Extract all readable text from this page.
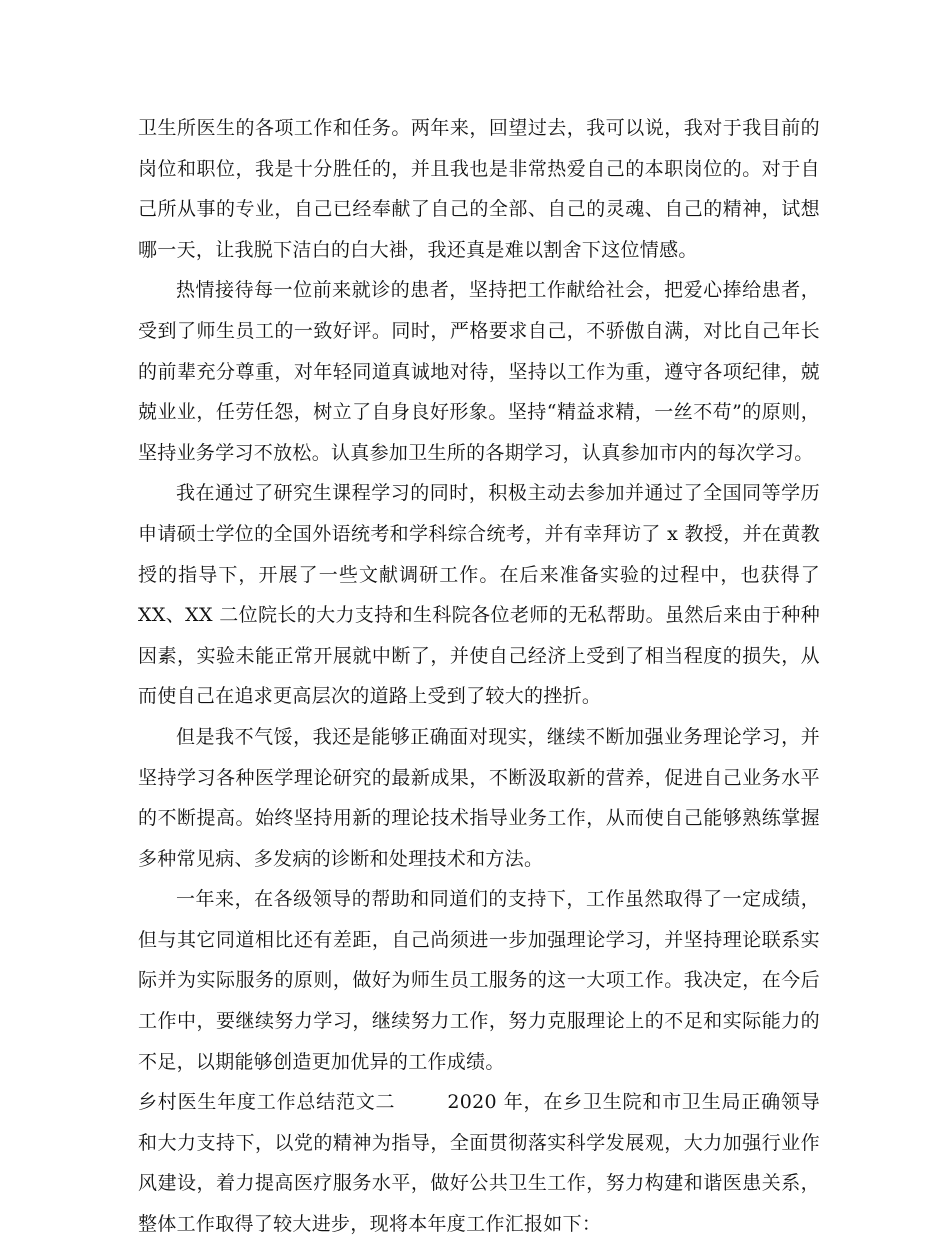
卫生所医生的各项工作和任务。两年来，回望过去，我可以说，我对于我目前的岗位和职位，我是十分胜任的，并且我也是非常热爱自己的本职岗位的。对于自己所从事的专业，自己已经奉献了自己的全部、自己的灵魂、自己的精神，试想哪一天，让我脱下洁白的白大褂，我还真是难以割舍下这位情感。

热情接待每一位前来就诊的患者，坚持把工作献给社会，把爱心捧给患者，受到了师生员工的一致好评。同时，严格要求自己，不骄傲自满，对比自己年长的前辈充分尊重，对年轻同道真诚地对待，坚持以工作为重，遵守各项纪律，兢兢业业，任劳任怨，树立了自身良好形象。坚持“精益求精，一丝不苟”的原则，坚持业务学习不放松。认真参加卫生所的各期学习，认真参加市内的每次学习。

我在通过了研究生课程学习的同时，积极主动去参加并通过了全国同等学历申请硕士学位的全国外语统考和学科综合统考，并有幸拜访了 x 教授，并在黄教授的指导下，开展了一些文献调研工作。在后来准备实验的过程中，也获得了 XX、XX 二位院长的大力支持和生科院各位老师的无私帮助。虽然后来由于种种因素，实验未能正常开展就中断了，并使自己经济上受到了相当程度的损失，从而使自己在追求更高层次的道路上受到了较大的挫折。

但是我不气馁，我还是能够正确面对现实，继续不断加强业务理论学习，并坚持学习各种医学理论研究的最新成果，不断汲取新的营养，促进自己业务水平的不断提高。始终坚持用新的理论技术指导业务工作，从而使自己能够熟练掌握多种常见病、多发病的诊断和处理技术和方法。

一年来，在各级领导的帮助和同道们的支持下，工作虽然取得了一定成绩，但与其它同道相比还有差距，自己尚须进一步加强理论学习，并坚持理论联系实际并为实际服务的原则，做好为师生员工服务的这一大项工作。我决定，在今后工作中，要继续努力学习，继续努力工作，努力克服理论上的不足和实际能力的不足，以期能够创造更加优异的工作成绩。

乡村医生年度工作总结范文二	2020 年，在乡卫生院和市卫生局正确领导和大力支持下，以党的精神为指导，全面贯彻落实科学发展观，大力加强行业作风建设，着力提高医疗服务水平，做好公共卫生工作，努力构建和谐医患关系，整体工作取得了较大进步，现将本年度工作汇报如下：
